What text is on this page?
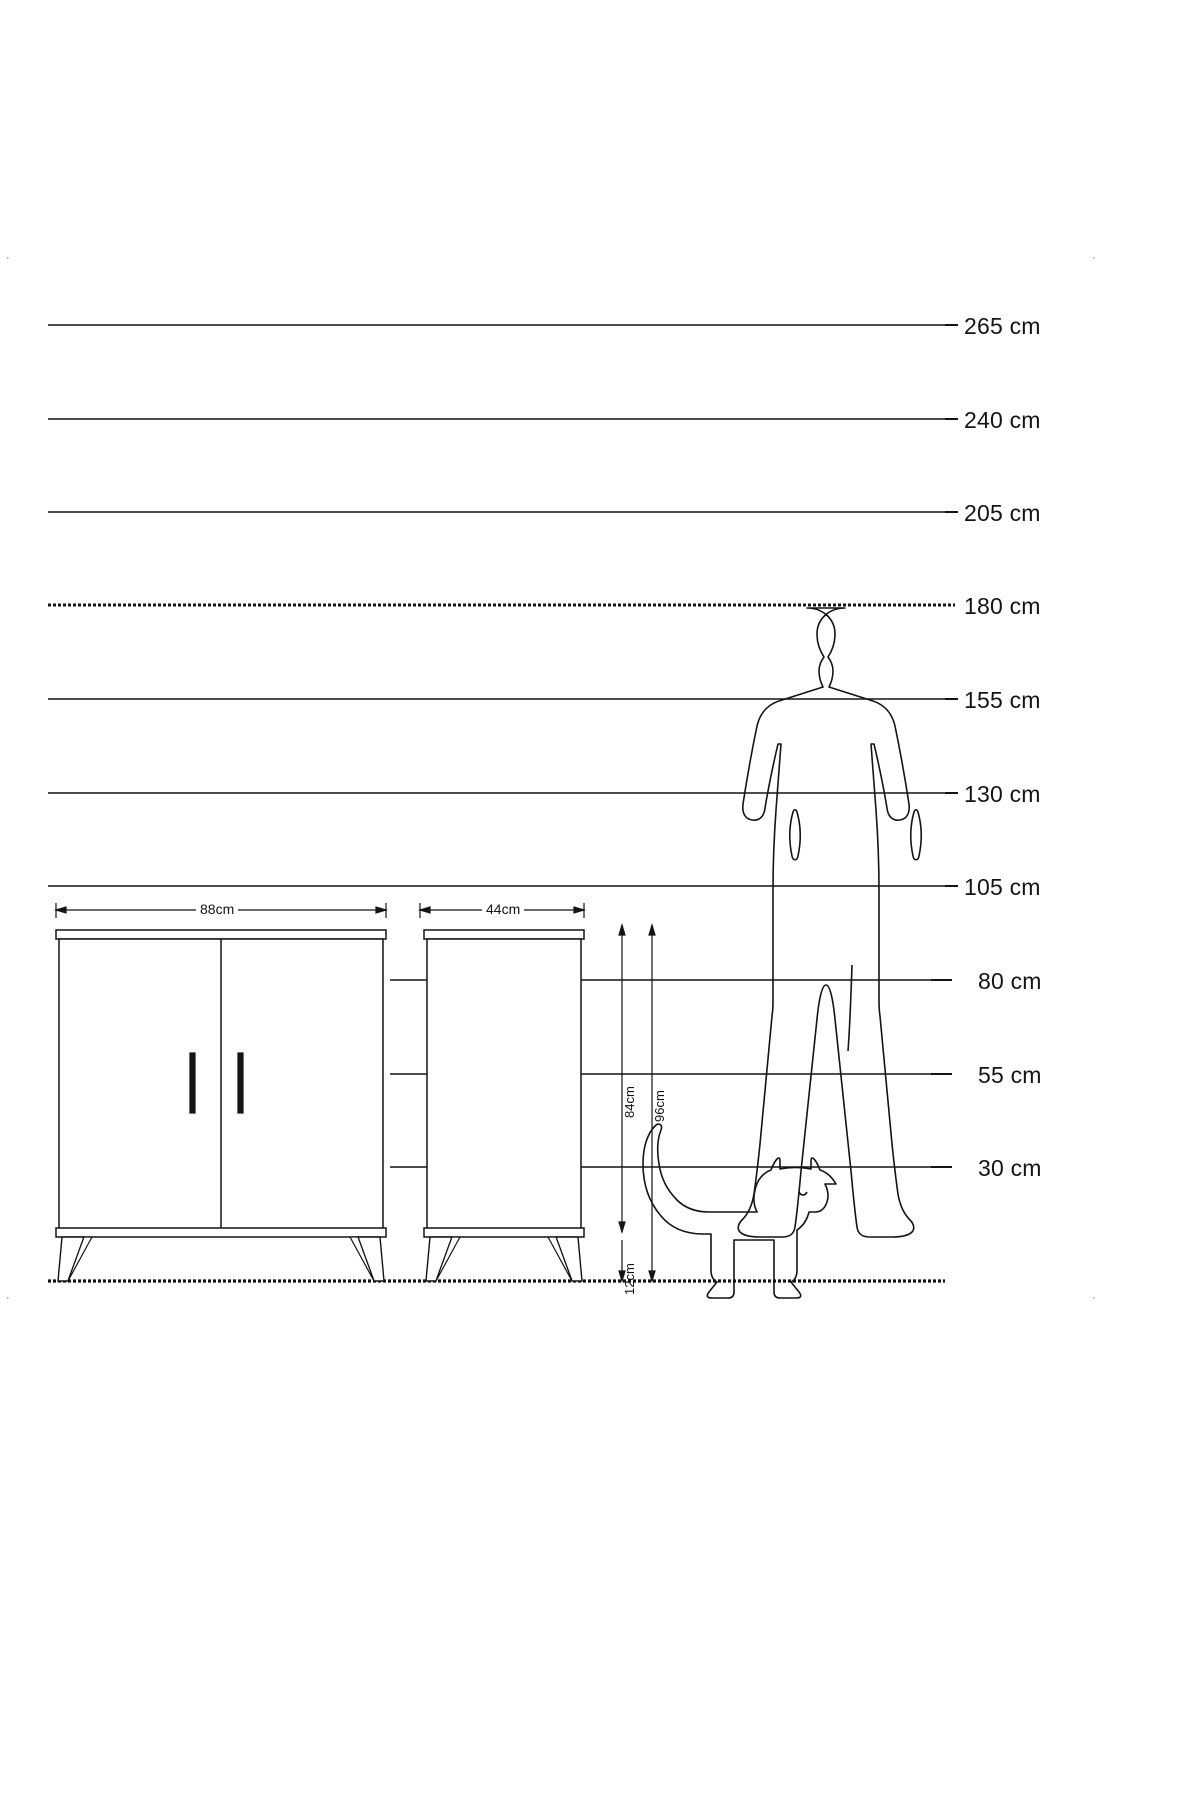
265 cm
240 cm
205 cm
180 cm
155 cm
130 cm
105 cm
80 cm
55 cm
30 cm
88cm	44cm
84cm 96cm
12cm
·	·
·	·
